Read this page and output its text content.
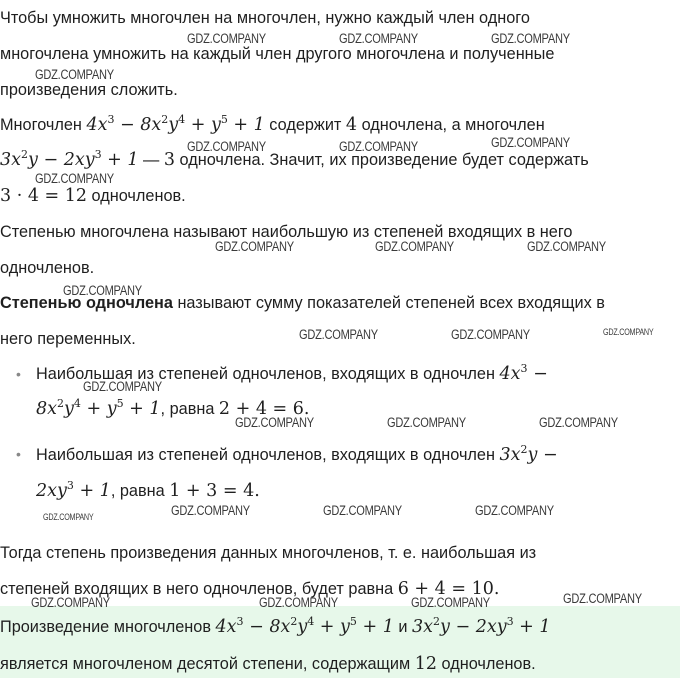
Чтобы умножить многочлен на многочлен, нужно каждый член одного
многочлена умножить на каждый член другого многочлена и полученные
произведения сложить.
Многочлен $4x^3 - 8x^2y^4 + y^5 + 1$ содержит 4 одночлена, а многочлен
$3x^2y - 2xy^3 + 1$ — 3 одночлена. Значит, их произведение будет содержать
3 · 4 = 12 одночленов.
Степенью многочлена называют наибольшую из степеней входящих в него
одночленов.
Степенью одночлена называют сумму показателей степеней всех входящих в
него переменных.
• Наибольшая из степеней одночленов, входящих в одночлен $4x^3$ −
$8x^2y^4 + y^5 + 1$, равна 2 + 4 = 6.
• Наибольшая из степеней одночленов, входящих в одночлен $3x^2y$ −
$2xy^3 + 1$, равна 1 + 3 = 4.
Тогда степень произведения данных многочленов, т. е. наибольшая из
степеней входящих в него одночленов, будет равна 6 + 4 = 10.
Произведение многочленов $4x^3 - 8x^2y^4 + y^5 + 1$ и $3x^2y - 2xy^3 + 1$
является многочленом десятой степени, содержащим 12 одночленов.
GDZ.COMPANY	GDZ.COMPANY	GDZ.COMPANY
GDZ.COMPANY
GDZ.COMPANY	GDZ.COMPANY	GDZ.COMPANY
GDZ.COMPANY
GDZ.COMPANY	GDZ.COMPANY	GDZ.COMPANY
GDZ.COMPANY
GDZ.COMPANY	GDZ.COMPANY	GDZ.COMPANY
GDZ.COMPANY
GDZ.COMPANY	GDZ.COMPANY	GDZ.COMPANY
GDZ.COMPANY	GDZ.COMPANY	GDZ.COMPANY	GDZ.COMPANY
GDZ.COMPANY	GDZ.COMPANY	GDZ.COMPANY	GDZ.COMPANY
